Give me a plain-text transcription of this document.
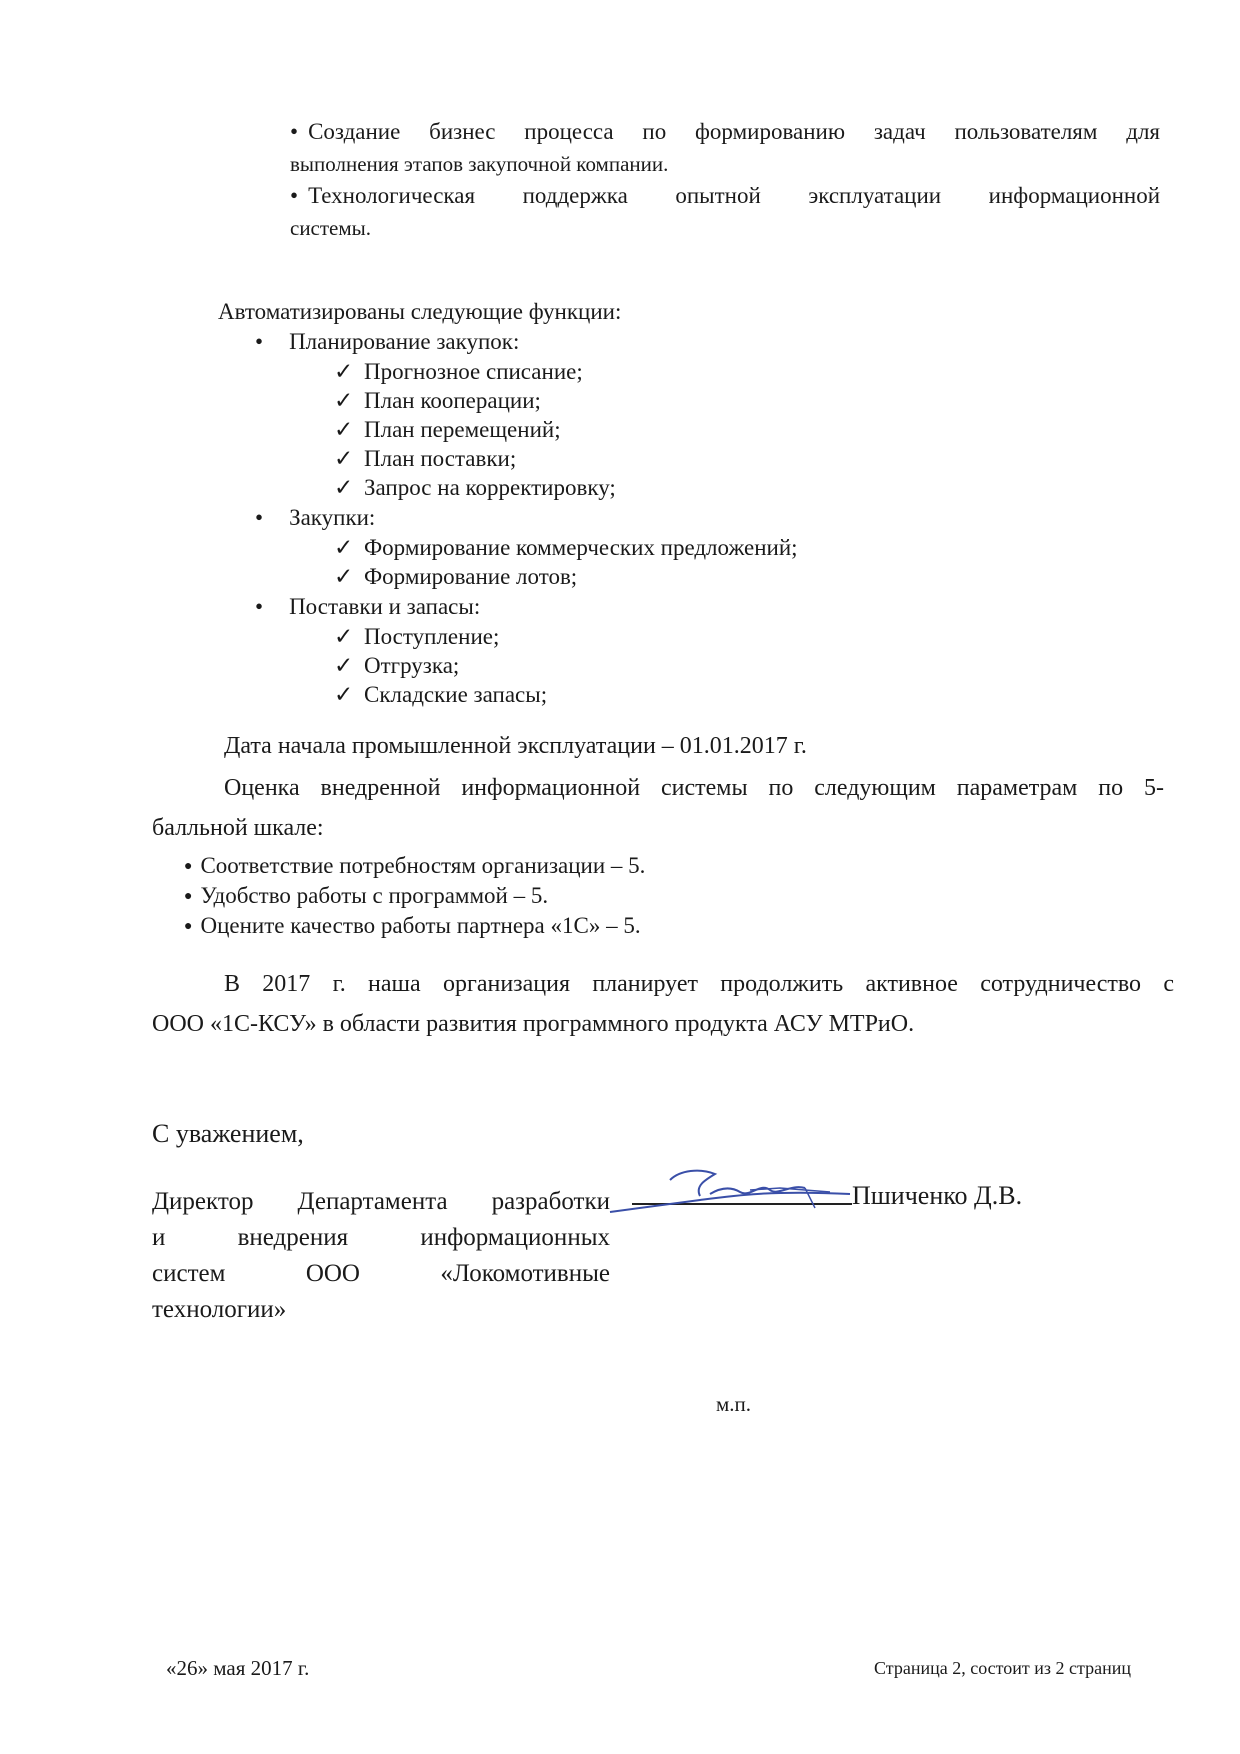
• Создание бизнес процесса по формированию задач пользователям для
выполнения этапов закупочной компании.
• Технологическая поддержка опытной эксплуатации информационной
системы.
Автоматизированы следующие функции:
• Планирование закупок:
✓ Прогнозное списание;
✓ План кооперации;
✓ План перемещений;
✓ План поставки;
✓ Запрос на корректировку;
• Закупки:
✓ Формирование коммерческих предложений;
✓ Формирование лотов;
• Поставки и запасы:
✓ Поступление;
✓ Отгрузка;
✓ Складские запасы;
Дата начала промышленной эксплуатации – 01.01.2017 г.
Оценка внедренной информационной системы по следующим параметрам по 5-
балльной шкале:
● Соответствие потребностям организации – 5.
● Удобство работы с программой – 5.
● Оцените качество работы партнера «1С» – 5.
В 2017 г. наша организация планирует продолжить активное сотрудничество с
ООО «1С-КСУ» в области развития программного продукта АСУ МТРиО.
С уважением,
Директор Департамента разработки
и внедрения информационных
систем ООО «Локомотивные
технологии»
Пшиченко Д.В.
м.п.
«26» мая 2017 г.	Страница 2, состоит из 2 страниц
